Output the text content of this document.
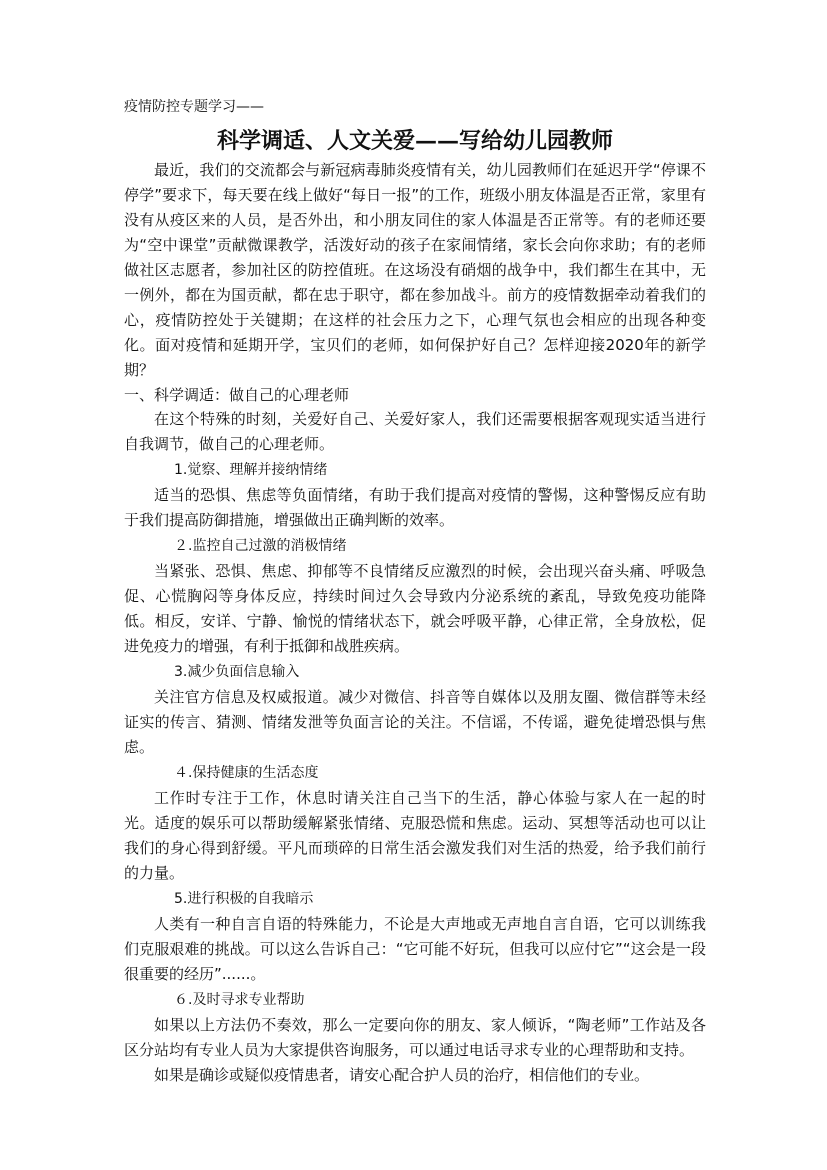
疫情防控专题学习——

科学调适、人文关爱——写给幼儿园教师

最近，我们的交流都会与新冠病毒肺炎疫情有关，幼儿园教师们在延迟开学“停课不停学”要求下，每天要在线上做好“每日一报”的工作，班级小朋友体温是否正常，家里有没有从疫区来的人员，是否外出，和小朋友同住的家人体温是否正常等。有的老师还要为“空中课堂”贡献微课教学，活泼好动的孩子在家闹情绪，家长会向你求助；有的老师做社区志愿者，参加社区的防控值班。在这场没有硝烟的战争中，我们都生在其中，无一例外，都在为国贡献，都在忠于职守，都在参加战斗。前方的疫情数据牵动着我们的心，疫情防控处于关键期；在这样的社会压力之下，心理气氛也会相应的出现各种变化。面对疫情和延期开学，宝贝们的老师，如何保护好自己？怎样迎接2020年的新学期？

一、科学调适：做自己的心理老师

在这个特殊的时刻，关爱好自己、关爱好家人，我们还需要根据客观现实适当进行自我调节，做自己的心理老师。

1.觉察、理解并接纳情绪

适当的恐惧、焦虑等负面情绪，有助于我们提高对疫情的警惕，这种警惕反应有助于我们提高防御措施，增强做出正确判断的效率。

２.监控自己过激的消极情绪

当紧张、恐惧、焦虑、抑郁等不良情绪反应激烈的时候，会出现兴奋头痛、呼吸急促、心慌胸闷等身体反应，持续时间过久会导致内分泌系统的紊乱，导致免疫功能降低。相反，安详、宁静、愉悦的情绪状态下，就会呼吸平静，心律正常，全身放松，促进免疫力的增强，有利于抵御和战胜疾病。

3.减少负面信息输入

关注官方信息及权威报道。减少对微信、抖音等自媒体以及朋友圈、微信群等未经证实的传言、猜测、情绪发泄等负面言论的关注。不信谣，不传谣，避免徒增恐惧与焦虑。

４.保持健康的生活态度

工作时专注于工作，休息时请关注自己当下的生活，静心体验与家人在一起的时光。适度的娱乐可以帮助缓解紧张情绪、克服恐慌和焦虑。运动、冥想等活动也可以让我们的身心得到舒缓。平凡而琐碎的日常生活会激发我们对生活的热爱，给予我们前行的力量。

5.进行积极的自我暗示

人类有一种自言自语的特殊能力，不论是大声地或无声地自言自语，它可以训练我们克服艰难的挑战。可以这么告诉自己：“它可能不好玩，但我可以应付它”“这会是一段很重要的经历”......。

６.及时寻求专业帮助

如果以上方法仍不奏效，那么一定要向你的朋友、家人倾诉，“陶老师”工作站及各区分站均有专业人员为大家提供咨询服务，可以通过电话寻求专业的心理帮助和支持。

如果是确诊或疑似疫情患者，请安心配合护人员的治疗，相信他们的专业。
